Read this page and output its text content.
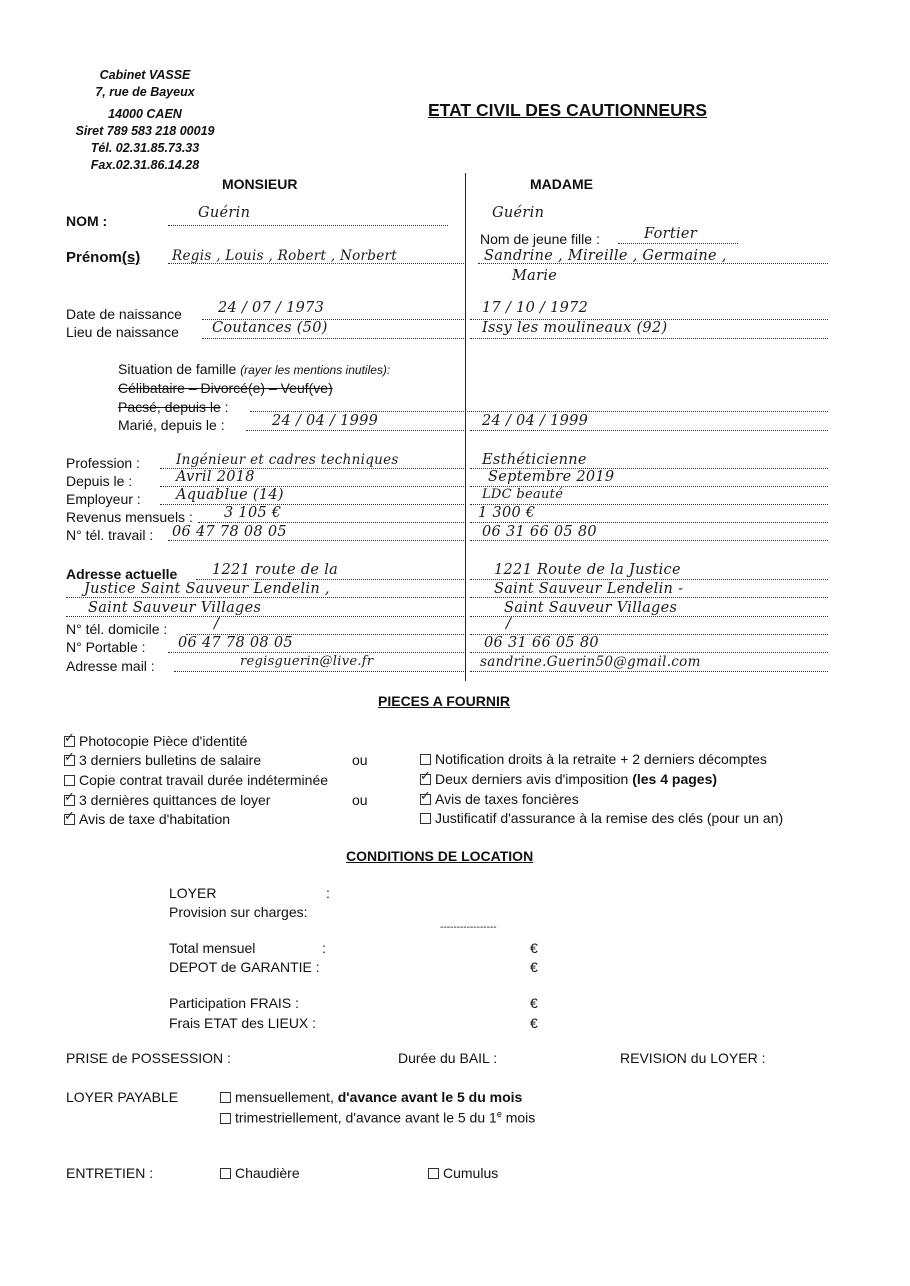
Cabinet VASSE
7, rue de Bayeux
14000 CAEN
Siret 789 583 218 00019
Tél. 02.31.85.73.33
Fax.02.31.86.14.28
ETAT CIVIL DES CAUTIONNEURS
MONSIEUR	MADAME
NOM :	Guérin	Guérin
Nom de jeune fille :	Fortier
Prénom(s) Regis , Louis , Robert , Norbert	Sandrine , Mireille , Germaine ,
Marie
Date de naissance 24 / 07 / 1973	17 / 10 / 1972
Lieu de naissance Coutances (50)	Issy les moulineaux (92)
Situation de famille (rayer les mentions inutiles):
Célibataire – Divorcé(e) – Veuf(ve)
Pacsé, depuis le :
Marié, depuis le :	24 / 04 / 1999	24 / 04 / 1999
Profession :	Ingénieur et cadres techniques	Esthéticienne
Depuis le :	Avril 2018	Septembre 2019
Employeur : Aquablue (14)	LDC beauté
Revenus mensuels : 3 105 €	1 300 €
N° tél. travail : 06 47 78 08 05	06 31 66 05 80
Adresse actuelle 1221 route de la	1221 Route de la Justice
Justice Saint Sauveur Lendelin ,	Saint Sauveur Lendelin -
Saint Sauveur Villages	Saint Sauveur Villages
N° tél. domicile :	/	/
N° Portable : 06 47 78 08 05	06 31 66 05 80
Adresse mail :	regisguerin@live.fr	sandrine.Guerin50@gmail.com
PIECES A FOURNIR
✓Photocopie Pièce d'identité
✓3 derniers bulletins de salaire	ou
Copie contrat travail durée indéterminée
✓3 dernières quittances de loyer	ou
✓Avis de taxe d'habitation
Notification droits à la retraite + 2 derniers décomptes
✓Deux derniers avis d'imposition (les 4 pages)
✓Avis de taxes foncières
Justificatif d'assurance à la remise des clés (pour un an)
CONDITIONS DE LOCATION
LOYER	:
Provision sur charges:
-----------------
Total mensuel	:	€
DEPOT de GARANTIE :	€
Participation FRAIS :	€
Frais ETAT des LIEUX :	€
PRISE de POSSESSION :	Durée du BAIL :	REVISION du LOYER :
LOYER PAYABLE	mensuellement, d'avance avant le 5 du mois
trimestriellement, d'avance avant le 5 du 1e mois
ENTRETIEN :	Chaudière	Cumulus
